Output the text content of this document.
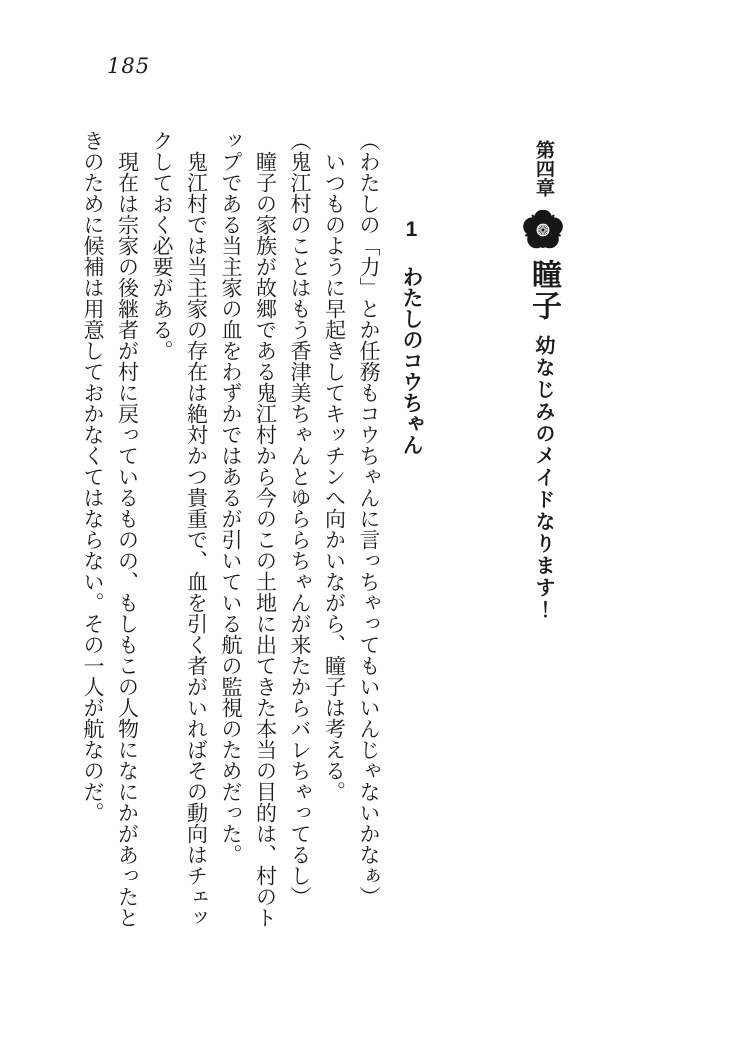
185
第四章
瞳子幼なじみのメイドなります！
1わたしのコウちゃん

（わたしの「力」とか任務もコウちゃんに言っちゃってもいいんじゃないかなぁ）

いつものように早起きしてキッチンへ向かいながら、瞳子は考える。

（鬼江村のことはもう香津美ちゃんとゆららちゃんが来たからバレちゃってるし）

瞳子の家族が故郷である鬼江村から今のこの土地に出てきた本当の目的は、村のト
ップである当主家の血をわずかではあるが引いている航の監視のためだった。

鬼江村では当主家の存在は絶対かつ貴重で、血を引く者がいればその動向はチェッ
クしておく必要がある。

現在は宗家の後継者が村に戻っているものの、もしもこの人物になにかがあったと
きのために候補は用意しておかなくてはならない。その一人が航なのだ。
